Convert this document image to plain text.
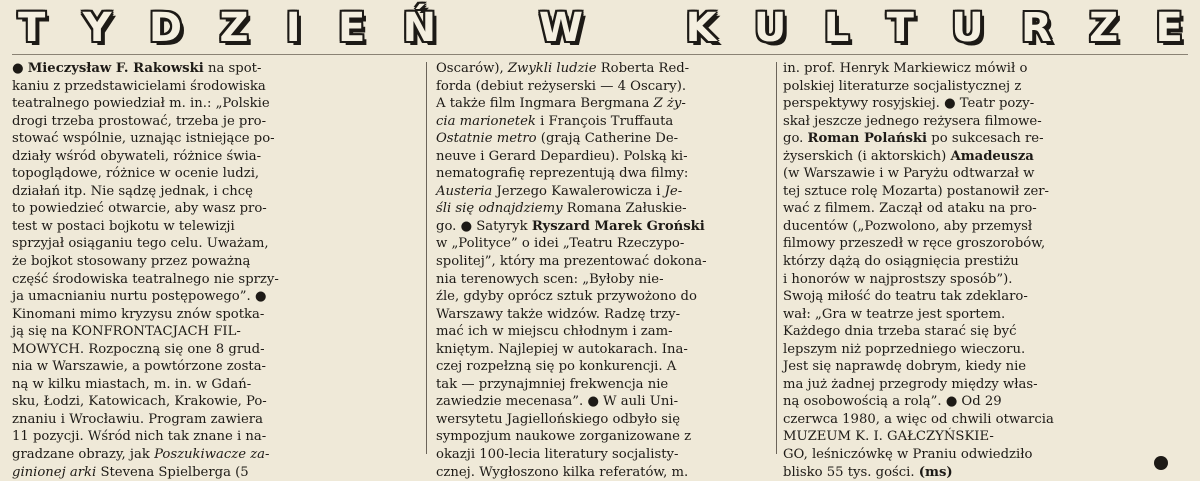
T Y D Z I E Ń	W	K U L T U R Z E
● Mieczysław F. Rakowski na spot-
kaniu z przedstawicielami środowiska
teatralnego powiedział m. in.: „Polskie
drogi trzeba prostować, trzeba je pro-
stować wspólnie, uznając istniejące po-
działy wśród obywateli, różnice świa-
topoglądowe, różnice w ocenie ludzi,
działań itp. Nie sądzę jednak, i chcę
to powiedzieć otwarcie, aby wasz pro-
test w postaci bojkotu w telewizji
sprzyjał osiąganiu tego celu. Uważam,
że bojkot stosowany przez poważną
część środowiska teatralnego nie sprzy-
ja umacnianiu nurtu postępowego”. ●
Kinomani mimo kryzysu znów spotka-
ją się na KONFRONTACJACH FIL-
MOWYCH. Rozpoczną się one 8 grud-
nia w Warszawie, a powtórzone zosta-
ną w kilku miastach, m. in. w Gdań-
sku, Łodzi, Katowicach, Krakowie, Po-
znaniu i Wrocławiu. Program zawiera
11 pozycji. Wśród nich tak znane i na-
gradzane obrazy, jak Poszukiwacze za-
ginionej arki Stevena Spielberga (5
Oscarów), Zwykli ludzie Roberta Red-
forda (debiut reżyserski — 4 Oscary).
A także film Ingmara Bergmana Z ży-
cia marionetek i François Truffauta
Ostatnie metro (grają Catherine De-
neuve i Gerard Depardieu). Polską ki-
nematografię reprezentują dwa filmy:
Austeria Jerzego Kawalerowicza i Je-
śli się odnajdziemy Romana Załuskie-
go. ● Satyryk Ryszard Marek Groński
w „Polityce” o idei „Teatru Rzeczypo-
spolitej”, który ma prezentować dokona-
nia terenowych scen: „Byłoby nie-
źle, gdyby oprócz sztuk przywożono do
Warszawy także widzów. Radzę trzy-
mać ich w miejscu chłodnym i zam-
kniętym. Najlepiej w autokarach. Ina-
czej rozpełzną się po konkurencji. A
tak — przynajmniej frekwencja nie
zawiedzie mecenasa”. ● W auli Uni-
wersytetu Jagiellońskiego odbyło się
sympozjum naukowe zorganizowane z
okazji 100-lecia literatury socjalisty-
cznej. Wygłoszono kilka referatów, m.
in. prof. Henryk Markiewicz mówił o
polskiej literaturze socjalistycznej z
perspektywy rosyjskiej. ● Teatr pozy-
skał jeszcze jednego reżysera filmowe-
go. Roman Polański po sukcesach re-
żyserskich (i aktorskich) Amadeusza
(w Warszawie i w Paryżu odtwarzał w
tej sztuce rolę Mozarta) postanowił zer-
wać z filmem. Zaczął od ataku na pro-
ducentów („Pozwolono, aby przemysł
filmowy przeszedł w ręce groszorobów,
którzy dążą do osiągnięcia prestiżu
i honorów w najprostszy sposób”).
Swoją miłość do teatru tak zdeklaro-
wał: „Gra w teatrze jest sportem.
Każdego dnia trzeba starać się być
lepszym niż poprzedniego wieczoru.
Jest się naprawdę dobrym, kiedy nie
ma już żadnej przegrody między włas-
ną osobowością a rolą”. ● Od 29
czerwca 1980, a więc od chwili otwarcia
MUZEUM K. I. GAŁCZYŃSKIE-
GO, leśniczówkę w Praniu odwiedziło
blisko 55 tys. gości. (ms)
